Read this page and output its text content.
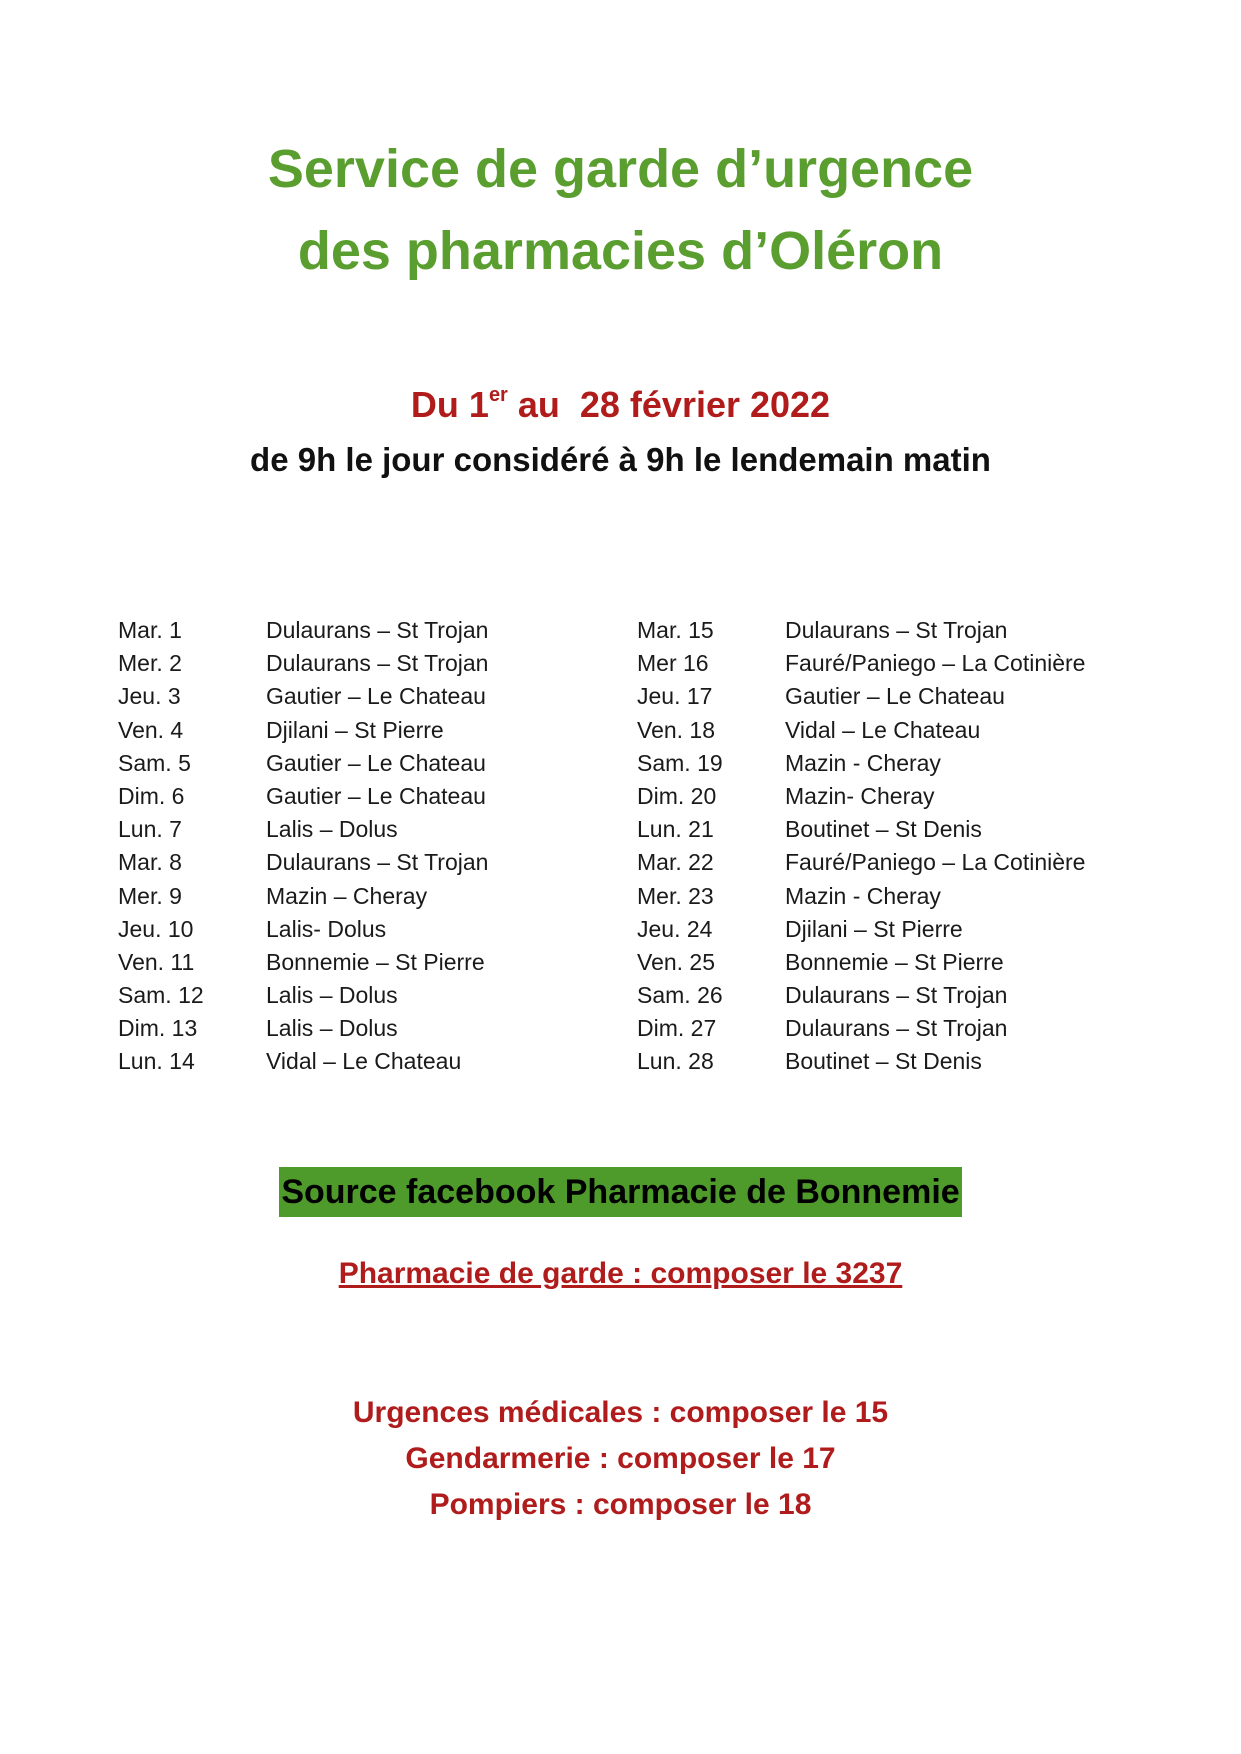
Service de garde d’urgence
des pharmacies d’Oléron
Du 1er au  28 février 2022
de 9h le jour considéré à 9h le lendemain matin
Mar. 1	Dulaurans – St Trojan
Mer. 2	Dulaurans – St Trojan
Jeu. 3	Gautier – Le Chateau
Ven. 4	Djilani – St Pierre
Sam. 5	Gautier – Le Chateau
Dim. 6	Gautier – Le Chateau
Lun. 7	Lalis – Dolus
Mar. 8	Dulaurans – St Trojan
Mer. 9	Mazin – Cheray
Jeu. 10	Lalis- Dolus
Ven. 11	Bonnemie – St Pierre
Sam. 12	Lalis – Dolus
Dim. 13	Lalis – Dolus
Lun. 14	Vidal – Le Chateau
Mar. 15	Dulaurans – St Trojan
Mer 16	Fauré/Paniego – La Cotinière
Jeu. 17	Gautier – Le Chateau
Ven. 18	Vidal – Le Chateau
Sam. 19	Mazin - Cheray
Dim. 20	Mazin- Cheray
Lun. 21	Boutinet – St Denis
Mar. 22	Fauré/Paniego – La Cotinière
Mer. 23	Mazin - Cheray
Jeu. 24	Djilani – St Pierre
Ven. 25	Bonnemie – St Pierre
Sam. 26	Dulaurans – St Trojan
Dim. 27	Dulaurans – St Trojan
Lun. 28	Boutinet – St Denis
Source facebook Pharmacie de Bonnemie
Pharmacie de garde : composer le 3237
Urgences médicales : composer le 15
Gendarmerie : composer le 17
Pompiers : composer le 18
